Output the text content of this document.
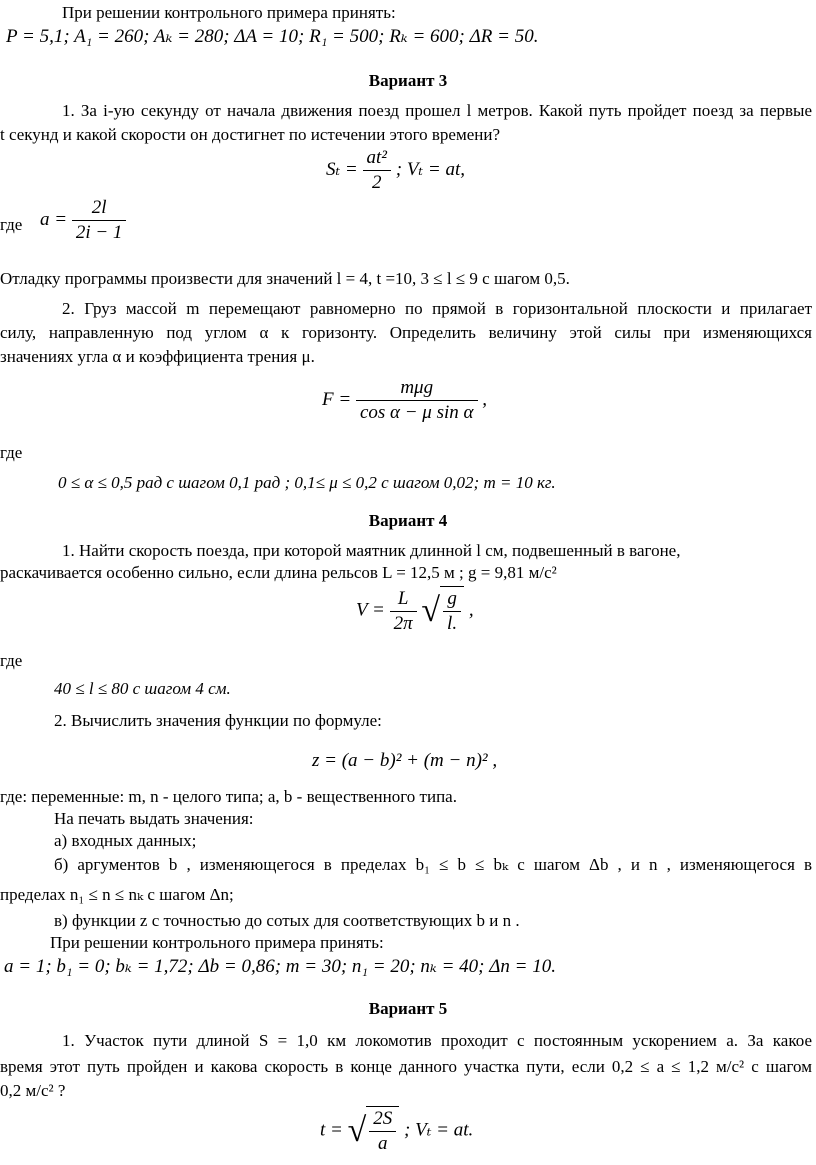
При решении контрольного примера принять:
P = 5,1; A₁ = 260; Aₖ = 280; ΔA = 10; R₁ = 500; Rₖ = 600; ΔR = 50.
Вариант 3
1. За i-ую секунду от начала движения поезд прошел l метров. Какой путь пройдет поезд за первые
t секунд и какой скорости он достигнет по истечении этого времени?
$S_t = \frac{\text{at²}}{2}$ ; Vₜ = at,
где $a = \frac{2l}{2i - 1}$
Отладку программы произвести для значений l = 4, t =10, 3 ≤ l ≤ 9 с шагом 0,5.
2. Груз массой m перемещают равномерно по прямой в горизонтальной плоскости и прилагает
силу, направленную под углом α к горизонту. Определить величину этой силы при изменяющихся
значениях угла α и коэффициента трения μ.
$F = \frac{\text{mμg}}{\text{cos α − μ sin α}}$ ,
где
0 ≤ α ≤ 0,5 рад с шагом 0,1 рад ; 0,1≤ μ ≤ 0,2 с шагом 0,02; m = 10 кг.
Вариант 4
1. Найти скорость поезда, при которой маятник длинной l см, подвешенный в вагоне,
раскачивается особенно сильно, если длина рельсов L = 12,5 м ; g = 9,81 м/с²
$V = \frac{L}{2\pi}$ √ $\frac{g}{l.}$ ,
где
40 ≤ l ≤ 80 с шагом 4 см.
2. Вычислить значения функции по формуле:
z = (a − b)² + (m − n)² ,
где: переменные: m, n - целого типа; a, b - вещественного типа.
На печать выдать значения:
а) входных данных;
б) аргументов b , изменяющегося в пределах b₁ ≤ b ≤ bₖ с шагом Δb , и n , изменяющегося в
пределах n₁ ≤ n ≤ nₖ с шагом Δn;
в) функции z с точностью до сотых для соответствующих b и n .
При решении контрольного примера принять:
a = 1; b₁ = 0; bₖ = 1,72; Δb = 0,86; m = 30; n₁ = 20; nₖ = 40; Δn = 10.
Вариант 5
1. Участок пути длиной S = 1,0 км локомотив проходит с постоянным ускорением a. За какое
время этот путь пройден и какова скорость в конце данного участка пути, если 0,2 ≤ a ≤ 1,2 м/с² с шагом
0,2 м/с² ?
t = √ $\frac{2S}{a}$ ; Vₜ = at.
